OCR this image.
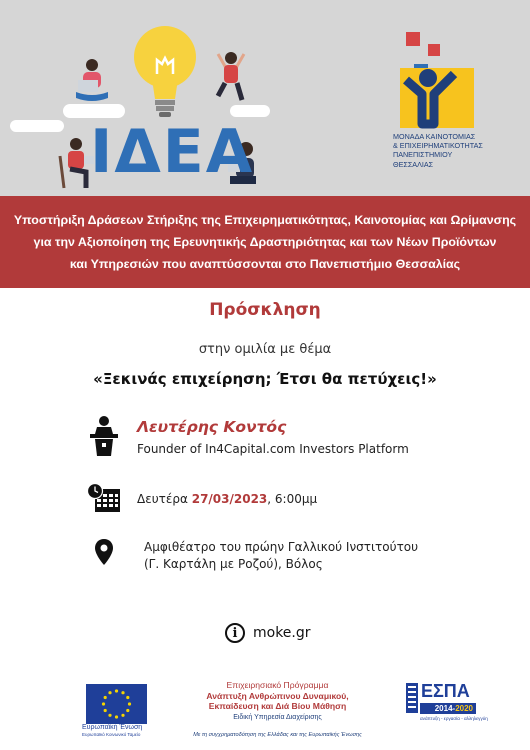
ΙΔΕΑ	ΜΟΝΑΔΑ ΚΑΙΝΟΤΟΜΙΑΣ
& ΕΠΙΧΕΙΡΗΜΑΤΙΚΟΤΗΤΑΣ
ΠΑΝΕΠΙΣΤΗΜΙΟΥ
ΘΕΣΣΑΛΙΑΣ
Υποστήριξη Δράσεων Στήριξης της Επιχειρηματικότητας, Καινοτομίας και Ωρίμανσης
για την Αξιοποίηση της Ερευνητικής Δραστηριότητας και των Νέων Προϊόντων
και Υπηρεσιών που αναπτύσσονται στο Πανεπιστήμιο Θεσσαλίας
Πρόσκληση
στην ομιλία με θέμα
«Ξεκινάς επιχείρηση; Έτσι θα πετύχεις!»
Λευτέρης Κοντός
Founder of In4Capital.com Investors Platform
Δευτέρα 27/03/2023, 6:00μμ
Αμφιθέατρο του πρώην Γαλλικού Ινστιτούτου
(Γ. Καρτάλη με Ροζού), Βόλος
i	moke.gr
Ευρωπαϊκή Ένωση
Ευρωπαϊκό Κοινωνικό Ταμείο
Επιχειρησιακό Πρόγραμμα
Ανάπτυξη Ανθρώπινου Δυναμικού,
Εκπαίδευση και Διά Βίου Μάθηση
Ειδική Υπηρεσία Διαχείρισης
Με τη συγχρηματοδότηση της Ελλάδας και της Ευρωπαϊκής Ένωσης
ΕΣΠΑ
2014-2020
ανάπτυξη - εργασία - αλληλεγγύη
